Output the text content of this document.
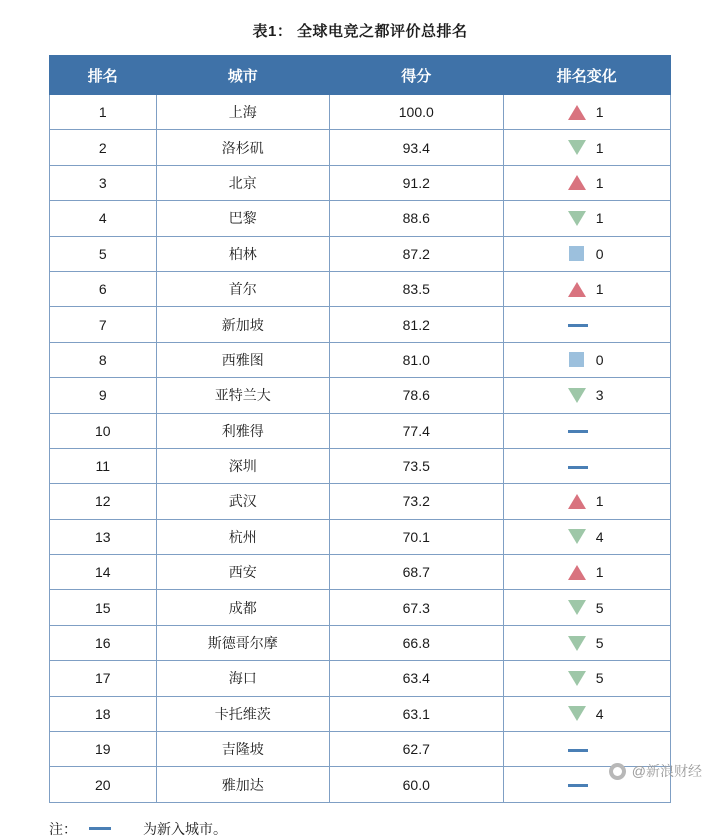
表1： 全球电竞之都评价总排名
排名	城市	得分	排名变化
1	上海	100.0	1

2	洛杉矶	93.4	1

3	北京	91.2	1

4	巴黎	88.6	1

5	柏林	87.2	0

6	首尔	83.5	1

7	新加坡	81.2	

8	西雅图	81.0	0

9	亚特兰大	78.6	3

10	利雅得	77.4	

11	深圳	73.5	

12	武汉	73.2	1

13	杭州	70.1	4

14	西安	68.7	1

15	成都	67.3	5

16	斯德哥尔摩	66.8	5

17	海口	63.4	5

18	卡托维茨	63.1	4

19	吉隆坡	62.7	

20	雅加达	60.0	
注：	为新入城市。
@新浪财经
